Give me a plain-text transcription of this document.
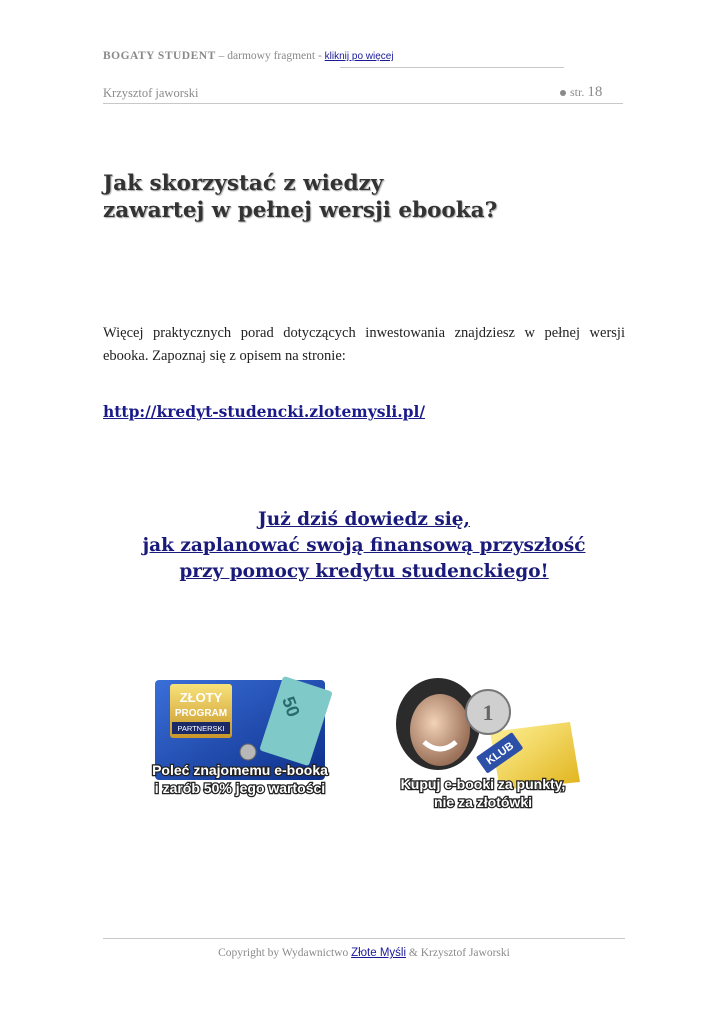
BOGATY STUDENT – darmowy fragment - kliknij po więcej
Krzysztof jaworski	str. 18
Jak skorzystać z wiedzy
zawartej w pełnej wersji ebooka?
Więcej praktycznych porad dotyczących inwestowania znajdziesz w pełnej wersji ebooka. Zapoznaj się z opisem na stronie:
http://kredyt-studencki.zlotemysli.pl/
Już dziś dowiedz się,
jak zaplanować swoją finansową przyszłość
przy pomocy kredytu studenckiego!
50
ZŁOTY
PROGRAM
PARTNERSKI
Poleć znajomemu e-booka
i zarób 50% jego wartości
1
KLUB
Kupuj e-booki za punkty,
nie za złotówki
Copyright by Wydawnictwo Złote Myśli & Krzysztof Jaworski
